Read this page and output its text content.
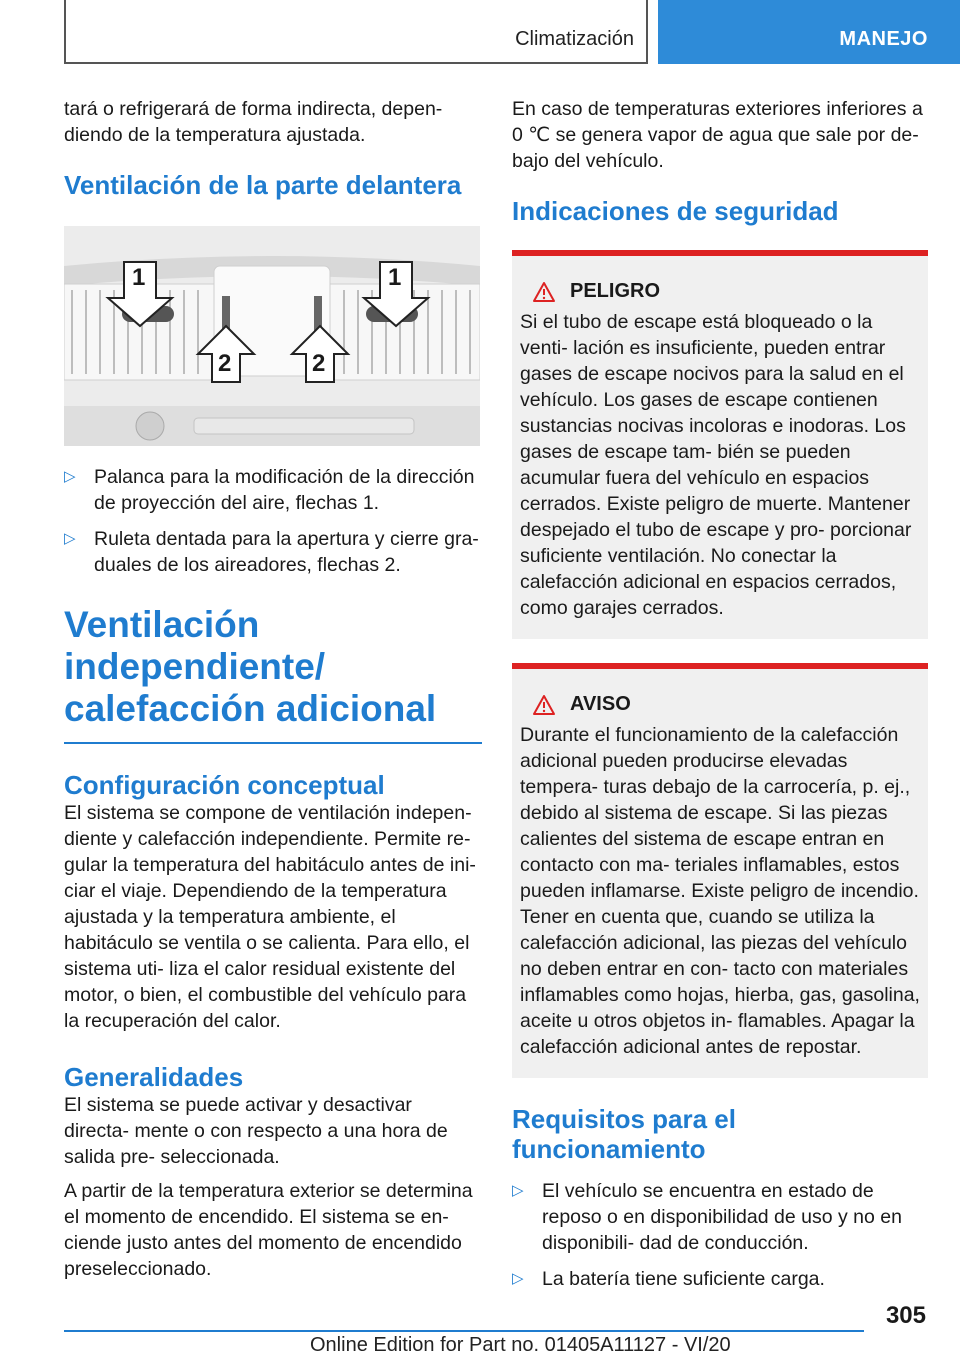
Climatización	MANEJO

tará o refrigerará de forma indirecta, depen- diendo de la temperatura ajustada.

Ventilación de la parte delantera
1	1
2	2
▷ Palanca para la modificación de la dirección de proyección del aire, flechas 1.
▷ Ruleta dentada para la apertura y cierre gra- duales de los aireadores, flechas 2.
Ventilación independiente/ calefacción adicional
Configuración conceptual

El sistema se compone de ventilación indepen- diente y calefacción independiente. Permite re- gular la temperatura del habitáculo antes de ini- ciar el viaje. Dependiendo de la temperatura ajustada y la temperatura ambiente, el habitáculo se ventila o se calienta. Para ello, el sistema uti- liza el calor residual existente del motor, o bien, el combustible del vehículo para la recuperación del calor.

Generalidades

El sistema se puede activar y desactivar directa- mente o con respecto a una hora de salida pre- seleccionada.

A partir de la temperatura exterior se determina el momento de encendido. El sistema se en- ciende justo antes del momento de encendido preseleccionado.

En caso de temperaturas exteriores inferiores a 0 ℃ se genera vapor de agua que sale por de- bajo del vehículo.

Indicaciones de seguridad
PELIGRO

Si el tubo de escape está bloqueado o la venti- lación es insuficiente, pueden entrar gases de escape nocivos para la salud en el vehículo. Los gases de escape contienen sustancias nocivas incoloras e inodoras. Los gases de escape tam- bién se pueden acumular fuera del vehículo en espacios cerrados. Existe peligro de muerte. Mantener despejado el tubo de escape y pro- porcionar suficiente ventilación. No conectar la calefacción adicional en espacios cerrados, como garajes cerrados.

AVISO

Durante el funcionamiento de la calefacción adicional pueden producirse elevadas tempera- turas debajo de la carrocería, p. ej., debido al sistema de escape. Si las piezas calientes del sistema de escape entran en contacto con ma- teriales inflamables, estos pueden inflamarse. Existe peligro de incendio. Tener en cuenta que, cuando se utiliza la calefacción adicional, las piezas del vehículo no deben entrar en con- tacto con materiales inflamables como hojas, hierba, gas, gasolina, aceite u otros objetos in- flamables. Apagar la calefacción adicional antes de repostar.

Requisitos para el funcionamiento
▷ El vehículo se encuentra en estado de reposo o en disponibilidad de uso y no en disponibili- dad de conducción.
▷ La batería tiene suficiente carga.
305
Online Edition for Part no. 01405A11127 - VI/20
